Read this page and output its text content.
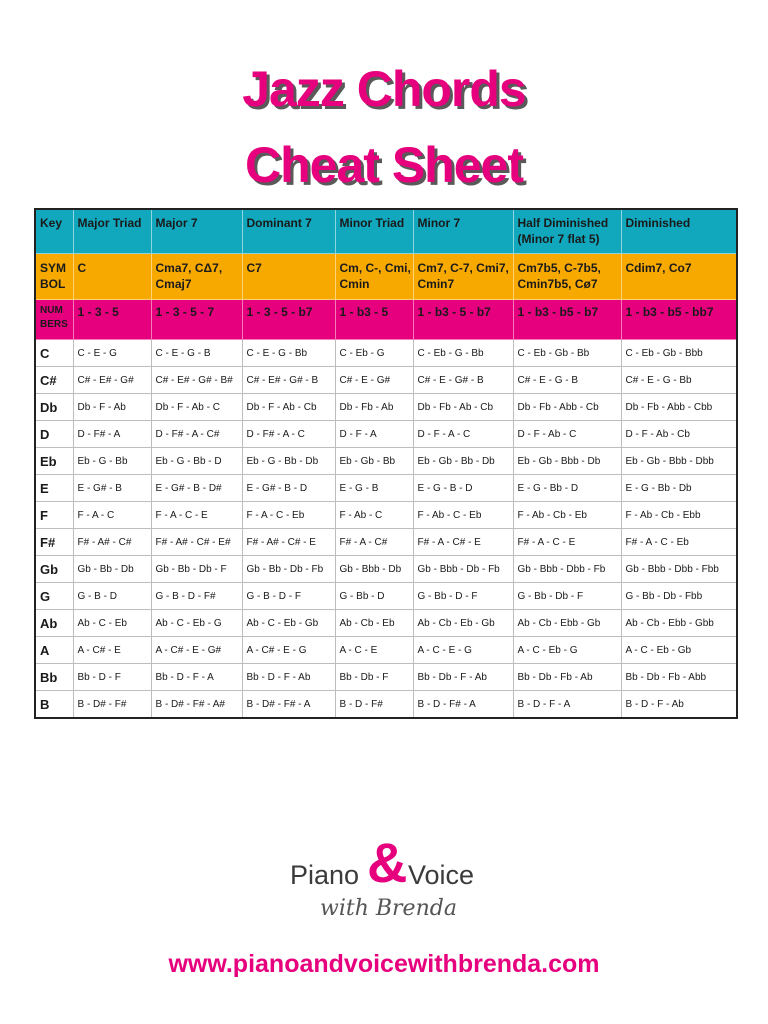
Jazz Chords
Cheat Sheet
Key	Major Triad	Major 7	Dominant 7	Minor Triad	Minor 7	Half Diminished (Minor 7 flat 5)	Diminished
SYM BOL	C	Cma7, CΔ7, Cmaj7	C7	Cm, C-, Cmi, Cmin	Cm7, C-7, Cmi7, Cmin7	Cm7b5, C-7b5, Cmin7b5, Cø7	Cdim7, Co7
NUM BERS	1 - 3 - 5	1 - 3 - 5 - 7	1 - 3 - 5 - b7	1 - b3 - 5	1 - b3 - 5 - b7	1 - b3 - b5 - b7	1 - b3 - b5 - bb7
C	C - E - G	C - E - G - B	C - E - G - Bb	C - Eb - G	C - Eb - G - Bb	C - Eb - Gb - Bb	C - Eb - Gb - Bbb
C#	C# - E# - G#	C# - E# - G# - B#	C# - E# - G# - B	C# - E - G#	C# - E - G# - B	C# - E - G - B	C# - E - G - Bb
Db	Db - F - Ab	Db - F - Ab - C	Db - F - Ab - Cb	Db - Fb - Ab	Db - Fb - Ab - Cb	Db - Fb - Abb - Cb	Db - Fb - Abb - Cbb
D	D - F# - A	D - F# - A - C#	D - F# - A - C	D - F - A	D - F - A - C	D - F - Ab - C	D - F - Ab - Cb
Eb	Eb - G - Bb	Eb - G - Bb - D	Eb - G - Bb - Db	Eb - Gb - Bb	Eb - Gb - Bb - Db	Eb - Gb - Bbb - Db	Eb - Gb - Bbb - Dbb
E	E - G# - B	E - G# - B - D#	E - G# - B - D	E - G - B	E - G - B - D	E - G - Bb - D	E - G - Bb - Db
F	F - A - C	F - A - C - E	F - A - C - Eb	F - Ab - C	F - Ab - C - Eb	F - Ab - Cb - Eb	F - Ab - Cb - Ebb
F#	F# - A# - C#	F# - A# - C# - E#	F# - A# - C# - E	F# - A - C#	F# - A - C# - E	F# - A - C - E	F# - A - C - Eb
Gb	Gb - Bb - Db	Gb - Bb - Db - F	Gb - Bb - Db - Fb	Gb - Bbb - Db	Gb - Bbb - Db - Fb	Gb - Bbb - Dbb - Fb	Gb - Bbb - Dbb - Fbb
G	G - B - D	G - B - D - F#	G - B - D - F	G - Bb - D	G - Bb - D - F	G - Bb - Db - F	G - Bb - Db - Fbb
Ab	Ab - C - Eb	Ab - C - Eb - G	Ab - C - Eb - Gb	Ab - Cb - Eb	Ab - Cb - Eb - Gb	Ab - Cb - Ebb - Gb	Ab - Cb - Ebb - Gbb
A	A - C# - E	A - C# - E - G#	A - C# - E - G	A - C - E	A - C - E - G	A - C - Eb - G	A - C - Eb - Gb
Bb	Bb - D - F	Bb - D - F - A	Bb - D - F - Ab	Bb - Db - F	Bb - Db - F - Ab	Bb - Db - Fb - Ab	Bb - Db - Fb - Abb
B	B - D# - F#	B - D# - F# - A#	B - D# - F# - A	B - D - F#	B - D - F# - A	B - D - F - A	B - D - F - Ab
Piano & Voice
with Brenda
www.pianoandvoicewithbrenda.com
